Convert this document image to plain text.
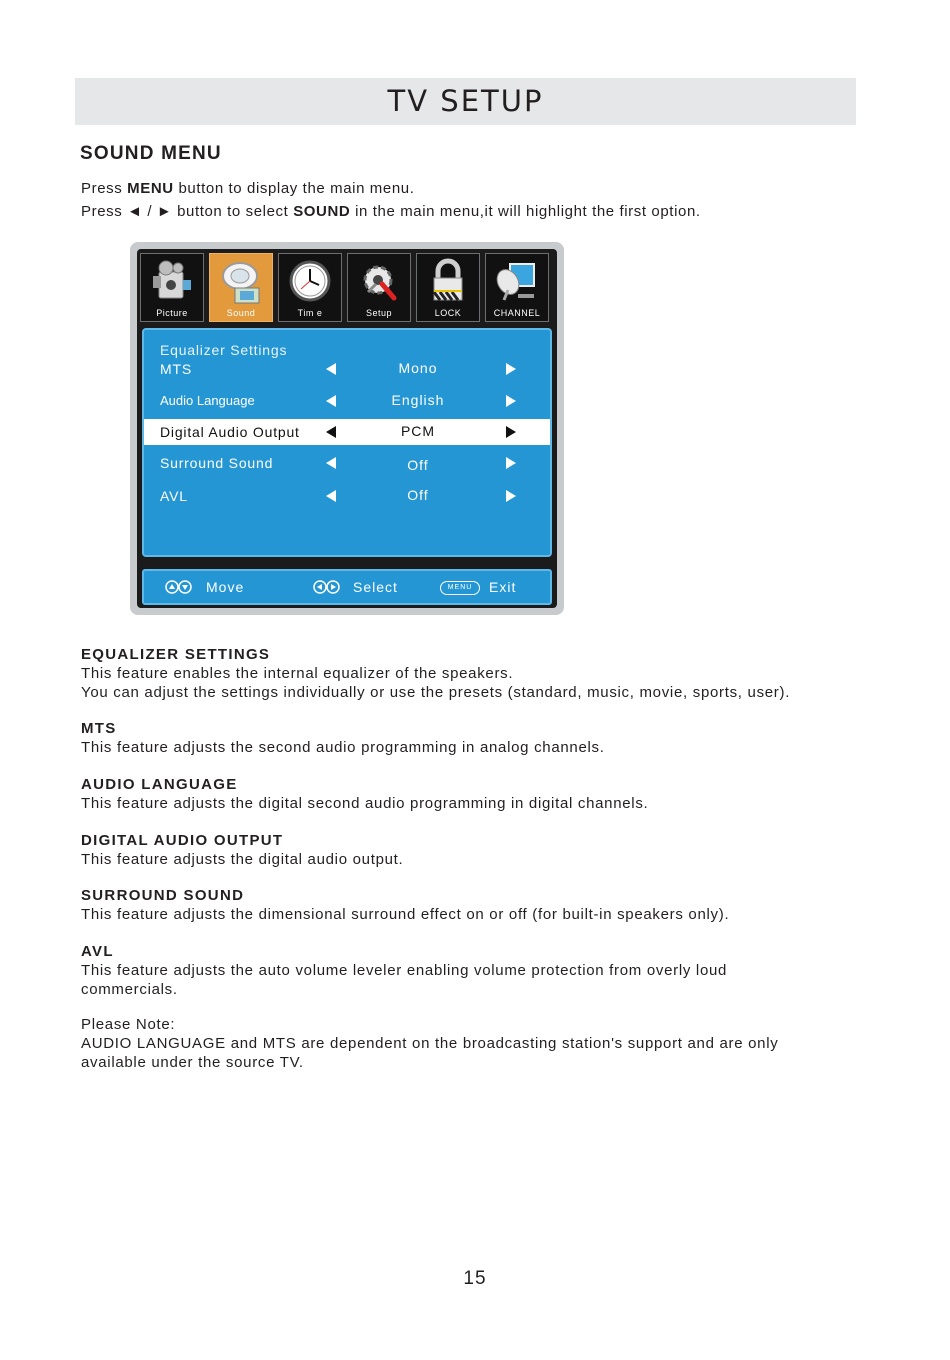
TV SETUP
SOUND MENU
Press MENU button to display the main menu.
Press ◄ / ► button to select SOUND in the main menu,it will highlight the first option.
Picture	Sound	Tim e	Setup	LOCK	CHANNEL
Equalizer Settings
MTS	Mono
Audio Language	English
Digital Audio Output	PCM
Surround Sound	Off
AVL	Off
Move	Select	MENU	Exit
EQUALIZER SETTINGS

This feature enables the internal equalizer of the speakers.

You can adjust the settings individually or use the presets (standard, music, movie, sports, user).

MTS

This feature adjusts the second audio programming in analog channels.

AUDIO LANGUAGE

This feature adjusts the digital second audio programming in digital channels.

DIGITAL AUDIO OUTPUT

This feature adjusts the digital audio output.

SURROUND SOUND

This feature adjusts the dimensional surround effect on or off (for built-in speakers only).

AVL

This feature adjusts the auto volume leveler enabling volume protection from overly loud

commercials.

Please Note:

AUDIO LANGUAGE and MTS are dependent on the broadcasting station's support and are only

available under the source TV.

15
